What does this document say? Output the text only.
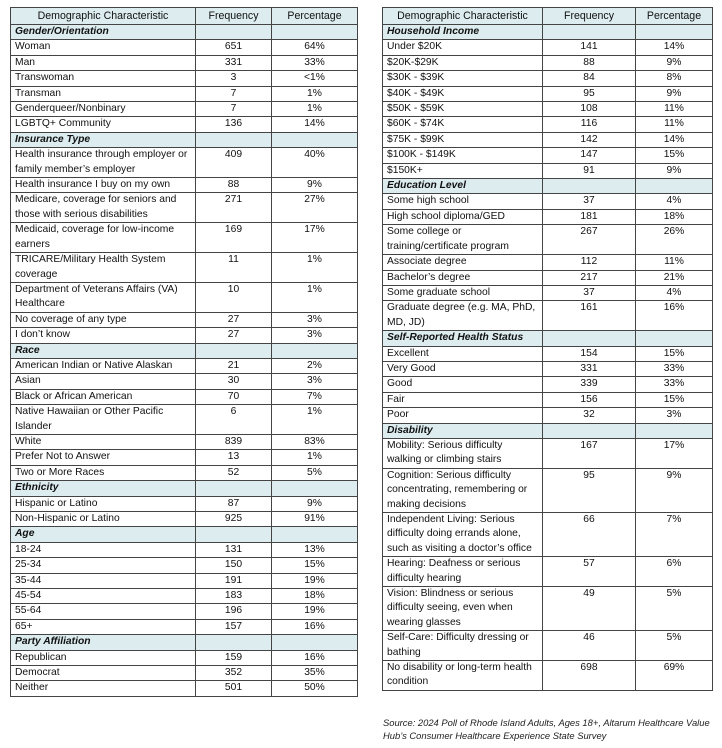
Demographic Characteristic	Frequency	Percentage
Gender/Orientation		
Woman	651	64%
Man	331	33%
Transwoman	3	<1%
Transman	7	1%
Genderqueer/Nonbinary	7	1%
LGBTQ+ Community	136	14%
Insurance Type		
Health insurance through employer or family member’s employer	409	40%
Health insurance I buy on my own	88	9%
Medicare, coverage for seniors and those with serious disabilities	271	27%
Medicaid, coverage for low-income earners	169	17%
TRICARE/Military Health System coverage	11	1%
Department of Veterans Affairs (VA) Healthcare	10	1%
No coverage of any type	27	3%
I don’t know	27	3%
Race		
American Indian or Native Alaskan	21	2%
Asian	30	3%
Black or African American	70	7%
Native Hawaiian or Other Pacific Islander	6	1%
White	839	83%
Prefer Not to Answer	13	1%
Two or More Races	52	5%
Ethnicity		
Hispanic or Latino	87	9%
Non-Hispanic or Latino	925	91%
Age		
18-24	131	13%
25-34	150	15%
35-44	191	19%
45-54	183	18%
55-64	196	19%
65+	157	16%
Party Affiliation		
Republican	159	16%
Democrat	352	35%
Neither	501	50%
Demographic Characteristic	Frequency	Percentage
Household Income		
Under $20K	141	14%
$20K-$29K	88	9%
$30K - $39K	84	8%
$40K - $49K	95	9%
$50K - $59K	108	11%
$60K - $74K	116	11%
$75K - $99K	142	14%
$100K - $149K	147	15%
$150K+	91	9%
Education Level		
Some high school	37	4%
High school diploma/GED	181	18%
Some college or training/certificate program	267	26%
Associate degree	112	11%
Bachelor’s degree	217	21%
Some graduate school	37	4%
Graduate degree (e.g. MA, PhD, MD, JD)	161	16%
Self-Reported Health Status		
Excellent	154	15%
Very Good	331	33%
Good	339	33%
Fair	156	15%
Poor	32	3%
Disability		
Mobility: Serious difficulty walking or climbing stairs	167	17%
Cognition: Serious difficulty concentrating, remembering or making decisions	95	9%
Independent Living: Serious difficulty doing errands alone, such as visiting a doctor’s office	66	7%
Hearing: Deafness or serious difficulty hearing	57	6%
Vision: Blindness or serious difficulty seeing, even when wearing glasses	49	5%
Self-Care: Difficulty dressing or bathing	46	5%
No disability or long-term health condition	698	69%
Source: 2024 Poll of Rhode Island Adults, Ages 18+, Altarum Healthcare Value Hub’s Consumer Healthcare Experience State Survey
